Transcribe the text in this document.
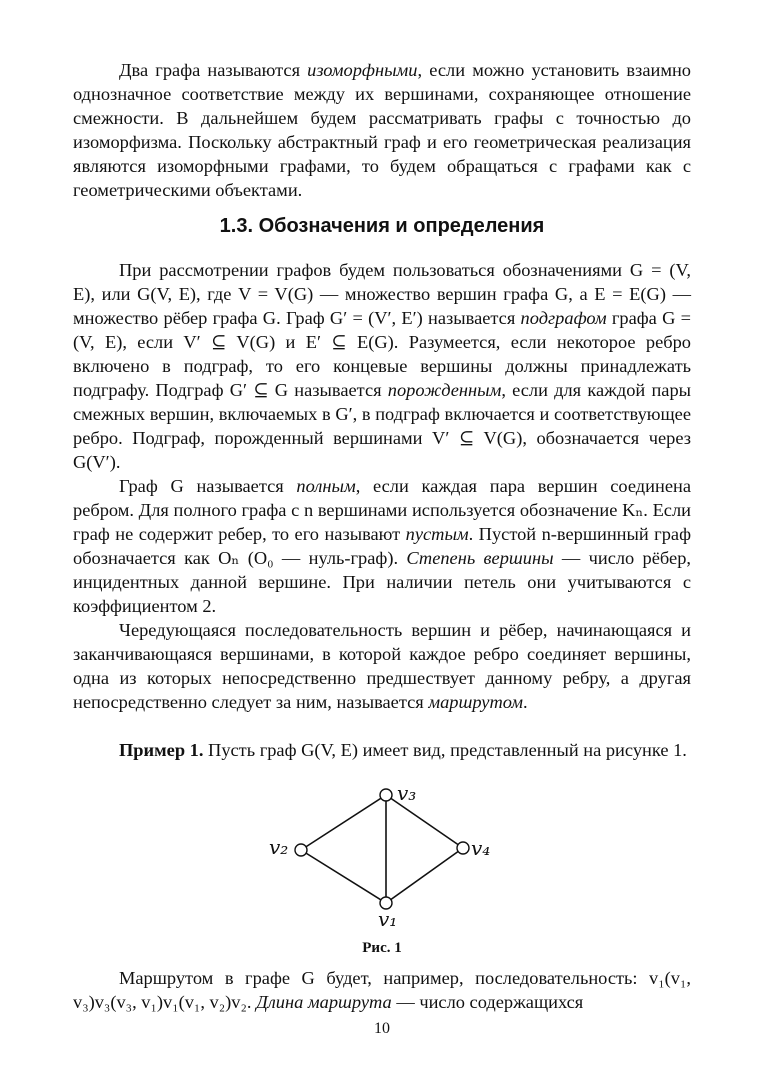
Два графа называются изоморфными, если можно установить взаимно однозначное соответствие между их вершинами, сохраняющее отношение смежности. В дальнейшем будем рассматривать графы с точностью до изоморфизма. Поскольку абстрактный граф и его геометрическая реализация являются изоморфными графами, то будем обращаться с графами как с геометрическими объектами.

1.3. Обозначения и определения

При рассмотрении графов будем пользоваться обозначениями G = (V, E), или G(V, E), где V = V(G) — множество вершин графа G, а E = E(G) — множество рёбер графа G. Граф G′ = (V′, E′) называется подграфом графа G = (V, E), если V′ ⊆ V(G) и E′ ⊆ E(G). Разумеется, если некоторое ребро включено в подграф, то его концевые вершины должны принадлежать подграфу. Подграф G′ ⊆ G называется порожденным, если для каждой пары смежных вершин, включаемых в G′, в подграф включается и соответствующее ребро. Подграф, порожденный вершинами V′ ⊆ V(G), обозначается через G(V′).

Граф G называется полным, если каждая пара вершин соединена ребром. Для полного графа с n вершинами используется обозначение Kₙ. Если граф не содержит ребер, то его называют пустым. Пустой n-вершинный граф обозначается как Oₙ (O₀ — нуль-граф). Степень вершины — число рёбер, инцидентных данной вершине. При наличии петель они учитываются с коэффициентом 2.

Чередующаяся последовательность вершин и рёбер, начинающаяся и заканчивающаяся вершинами, в которой каждое ребро соединяет вершины, одна из которых непосредственно предшествует данному ребру, а другая непосредственно следует за ним, называется маршрутом.

Пример 1. Пусть граф G(V, E) имеет вид, представленный на рисунке 1.

v₃
v₂	v₄
v₁
Рис. 1

Маршрутом в графе G будет, например, последовательность: v₁(v₁, v₃)v₃(v₃, v₁)v₁(v₁, v₂)v₂. Длина маршрута — число содержащихся

10
